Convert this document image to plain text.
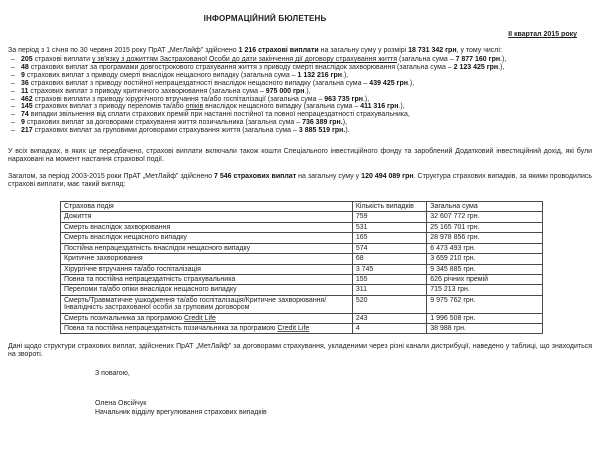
ІНФОРМАЦІЙНИЙ БЮЛЕТЕНЬ
ІІ квартал 2015 року

За період з 1 січня по 30 червня 2015 року ПрАТ „МетЛайф” здійснено 1 216 страхові виплати на загальну суму у розмірі 18 731 342 грн, у тому числі:

– 205 страхові виплати у зв'язку з дожиттям Застрахованої Особи до дати закінчення дії договору страхування життя (загальна сума – 7 877 160 грн.),
– 48 страхових виплат за програмами довгострокового страхування життя з приводу смерті внаслідок захворювання (загальна сума – 2 123 425 грн.),
– 9 страхових виплат з приводу смерті внаслідок нещасного випадку (загальна сума – 1 132 216 грн.),
– 36 страхових виплат з приводу постійної непрацездатності внаслідок нещасного випадку (загальна сума – 439 425 грн.),
– 11 страхових виплат з приводу критичного захворювання (загальна сума – 975 000 грн.),
– 462 страхові виплати з приводу хірургічного втручання та/або госпіталізації (загальна сума – 963 735 грн.),
– 145 страхових виплат з приводу переломів та/або опіків внаслідок нещасного випадку (загальна сума – 411 316 грн.),
– 74 випадки звільнення від сплати страхових премій при настанні постійної та повної непрацездатності страхувальника,
– 9 страхових виплат за договорами страхування життя позичальника (загальна сума – 736 389 грн.),
– 217 страхових виплат за груповими договорами страхування життя (загальна сума – 3 885 519 грн.).

У всіх випадках, в яких це передбачено, страхові виплати включали також кошти Спеціального інвестиційного фонду та зароблений Додатковий інвестиційний дохід, які були нараховані на момент настання страхової події.

Загалом, за період 2003-2015 роки ПрАТ „МетЛайф” здійснено 7 546 страхових виплат на загальну суму у 120 494 089 грн. Структура страхових випадків, за якими проводились страхові виплати, має такий вигляд:

Страхова подія	Кількість випадків	Загальна сума
Дожиття	759	32 607 772 грн.
Смерть внаслідок захворювання	531	25 165 701 грн.
Смерть внаслідок нещасного випадку	165	28 978 856 грн.
Постійна непрацездатність внаслідок нещасного випадку	574	6 473 493 грн.
Критичне захворювання	68	3 659 210 грн.
Хірургічне втручання та/або госпіталізація	3 745	9 345 885 грн.
Повна та постійна непрацездатність страхувальника	155	626 річних премій
Переломи та/або опіки внаслідок нещасного випадку	311	715 213 грн.
Смерть/Травматичне ушкодження та/або госпіталізація/Критичне захворювання/ Інвалідність застрахованої особи за груповим договором	520	9 975 762 грн.
Смерть позичальника за програмою Credit Life	243	1 996 508 грн.
Повна та постійна непрацездатність позичальника за програмою Credit Life	4	38 988 грн.

Дані щодо структури страхових виплат, здійснених ПрАТ „МетЛайф” за договорами страхування, укладеними через різні канали дистрибуції, наведено у таблиці, що знаходиться на звороті.

З повагою,
Олена Овсійчук
Начальник відділу врегулювання страхових випадків
